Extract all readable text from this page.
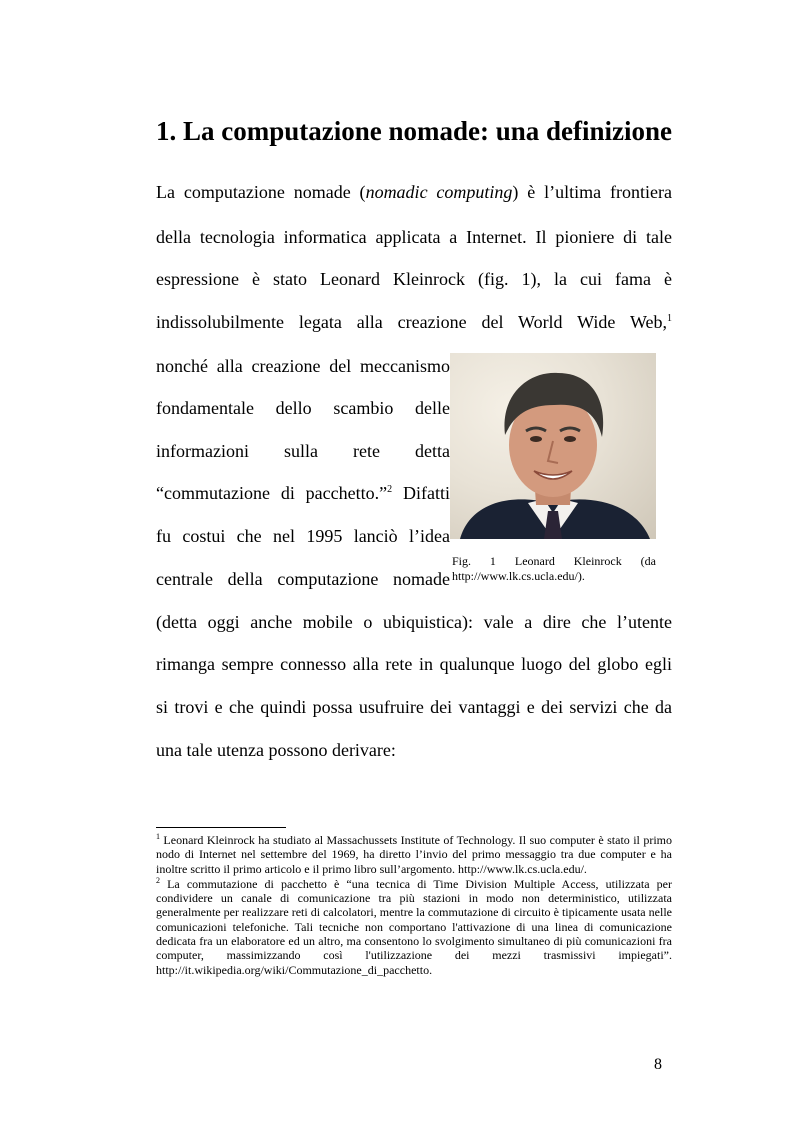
1. La computazione nomade: una definizione

La computazione nomade (nomadic computing) è l’ultima frontiera

della tecnologia informatica applicata a Internet. Il pioniere di tale

espressione è stato Leonard Kleinrock (fig. 1), la cui fama è

indissolubilmente legata alla creazione del World Wide Web,$^1$

nonché alla creazione del meccanismo

fondamentale dello scambio delle

informazioni sulla rete detta

“commutazione di pacchetto.”$^2$ Difatti

fu costui che nel 1995 lanciò l’idea

centrale della computazione nomade

(detta oggi anche mobile o ubiquistica): vale a dire che l’utente

rimanga sempre connesso alla rete in qualunque luogo del globo egli

si trovi e che quindi possa usufruire dei vantaggi e dei servizi che da

una tale utenza possono derivare:

Fig. 1 Leonard Kleinrock (da
http://www.lk.cs.ucla.edu/).

$^1$ Leonard Kleinrock ha studiato al Massachussets Institute of Technology. Il suo computer è stato il primo nodo di Internet nel settembre del 1969, ha diretto l’invio del primo messaggio tra due computer e ha inoltre scritto il primo articolo e il primo libro sull’argomento. http://www.lk.cs.ucla.edu/.

$^2$ La commutazione di pacchetto è “una tecnica di Time Division Multiple Access, utilizzata per condividere un canale di comunicazione tra più stazioni in modo non deterministico, utilizzata generalmente per realizzare reti di calcolatori, mentre la commutazione di circuito è tipicamente usata nelle comunicazioni telefoniche. Tali tecniche non comportano l'attivazione di una linea di comunicazione dedicata fra un elaboratore ed un altro, ma consentono lo svolgimento simultaneo di più comunicazioni fra computer, massimizzando così l'utilizzazione dei mezzi trasmissivi impiegati”. http://it.wikipedia.org/wiki/Commutazione_di_pacchetto.

8
